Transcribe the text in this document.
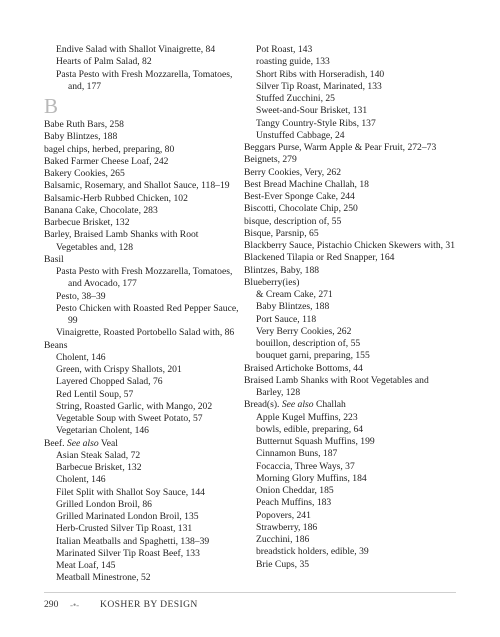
Endive Salad with Shallot Vinaigrette, 84
Hearts of Palm Salad, 82
Pasta Pesto with Fresh Mozzarella, Tomatoes, and, 177
B
Babe Ruth Bars, 258
Baby Blintzes, 188
bagel chips, herbed, preparing, 80
Baked Farmer Cheese Loaf, 242
Bakery Cookies, 265
Balsamic, Rosemary, and Shallot Sauce, 118–19
Balsamic-Herb Rubbed Chicken, 102
Banana Cake, Chocolate, 283
Barbecue Brisket, 132
Barley, Braised Lamb Shanks with Root Vegetables and, 128
Basil
Pasta Pesto with Fresh Mozzarella, Tomatoes, and Avocado, 177
Pesto, 38–39
Pesto Chicken with Roasted Red Pepper Sauce, 99
Vinaigrette, Roasted Portobello Salad with, 86
Beans
Cholent, 146
Green, with Crispy Shallots, 201
Layered Chopped Salad, 76
Red Lentil Soup, 57
String, Roasted Garlic, with Mango, 202
Vegetable Soup with Sweet Potato, 57
Vegetarian Cholent, 146
Beef. See also Veal
Asian Steak Salad, 72
Barbecue Brisket, 132
Cholent, 146
Filet Split with Shallot Soy Sauce, 144
Grilled London Broil, 86
Grilled Marinated London Broil, 135
Herb-Crusted Silver Tip Roast, 131
Italian Meatballs and Spaghetti, 138–39
Marinated Silver Tip Roast Beef, 133
Meat Loaf, 145
Meatball Minestrone, 52
Pot Roast, 143
roasting guide, 133
Short Ribs with Horseradish, 140
Silver Tip Roast, Marinated, 133
Stuffed Zucchini, 25
Sweet-and-Sour Brisket, 131
Tangy Country-Style Ribs, 137
Unstuffed Cabbage, 24
Beggars Purse, Warm Apple & Pear Fruit, 272–73
Beignets, 279
Berry Cookies, Very, 262
Best Bread Machine Challah, 18
Best-Ever Sponge Cake, 244
Biscotti, Chocolate Chip, 250
bisque, description of, 55
Bisque, Parsnip, 65
Blackberry Sauce, Pistachio Chicken Skewers with, 31
Blackened Tilapia or Red Snapper, 164
Blintzes, Baby, 188
Blueberry(ies)
& Cream Cake, 271
Baby Blintzes, 188
Port Sauce, 118
Very Berry Cookies, 262
bouillon, description of, 55
bouquet garni, preparing, 155
Braised Artichoke Bottoms, 44
Braised Lamb Shanks with Root Vegetables and Barley, 128
Bread(s). See also Challah
Apple Kugel Muffins, 223
bowls, edible, preparing, 64
Butternut Squash Muffins, 199
Cinnamon Buns, 187
Focaccia, Three Ways, 37
Morning Glory Muffins, 184
Onion Cheddar, 185
Peach Muffins, 183
Popovers, 241
Strawberry, 186
Zucchini, 186
breadstick holders, edible, 39
Brie Cups, 35
290	-•-	KOSHER BY DESIGN
